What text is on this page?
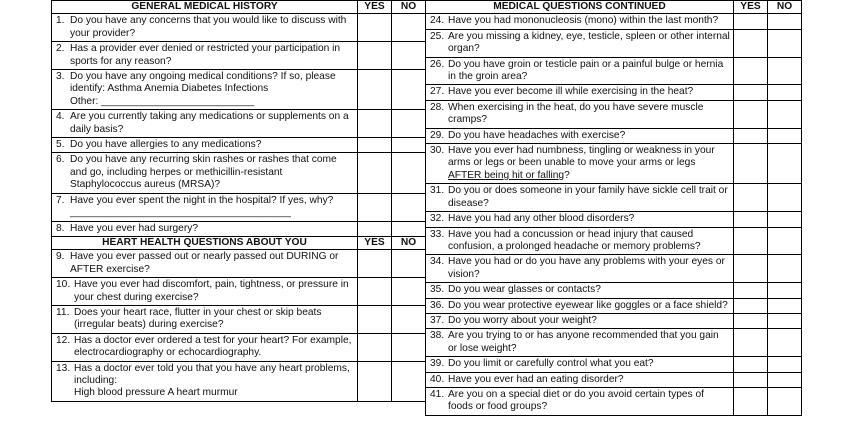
GENERAL MEDICAL HISTORY	YES	NO

1. Do you have any concerns that you would like to discuss with your provider?		

2. Has a provider ever denied or restricted your participation in sports for any reason?		

3. Do you have any ongoing medical conditions? If so, please
identify: Asthma Anemia Diabetes Infections
Other: ___________________________		

4. Are you currently taking any medications or supplements on a daily basis?		

5. Do you have allergies to any medications?		

6. Do you have any recurring skin rashes or rashes that come and go, including herpes or methicillin-resistant Staphylococcus aureus (MRSA)?		

7. Have you ever spent the night in the hospital? If yes, why?
_______________________________________		

8. Have you ever had surgery?		

HEART HEALTH QUESTIONS ABOUT YOU	YES	NO

9. Have you ever passed out or nearly passed out DURING or AFTER exercise?		

10. Have you ever had discomfort, pain, tightness, or pressure in your chest during exercise?		

11. Does your heart race, flutter in your chest or skip beats (irregular beats) during exercise?		

12. Has a doctor ever ordered a test for your heart? For example, electrocardiography or echocardiography.		

13. Has a doctor ever told you that you have any heart problems, including:
High blood pressure A heart murmur		

MEDICAL QUESTIONS CONTINUED	YES	NO

24. Have you had mononucleosis (mono) within the last month?		

25. Are you missing a kidney, eye, testicle, spleen or other internal organ?		

26. Do you have groin or testicle pain or a painful bulge or hernia in the groin area?		

27. Have you ever become ill while exercising in the heat?		

28. When exercising in the heat, do you have severe muscle cramps?		

29. Do you have headaches with exercise?		

30. Have you ever had numbness, tingling or weakness in your arms or legs or been unable to move your arms or legs AFTER being hit or falling?		

31. Do you or does someone in your family have sickle cell trait or disease?		

32. Have you had any other blood disorders?		

33. Have you had a concussion or head injury that caused confusion, a prolonged headache or memory problems?		

34. Have you had or do you have any problems with your eyes or vision?		

35. Do you wear glasses or contacts?		

36. Do you wear protective eyewear like goggles or a face shield?		

37. Do you worry about your weight?		

38. Are you trying to or has anyone recommended that you gain or lose weight?		

39. Do you limit or carefully control what you eat?		

40. Have you ever had an eating disorder?		

41. Are you on a special diet or do you avoid certain types of foods or food groups?		
